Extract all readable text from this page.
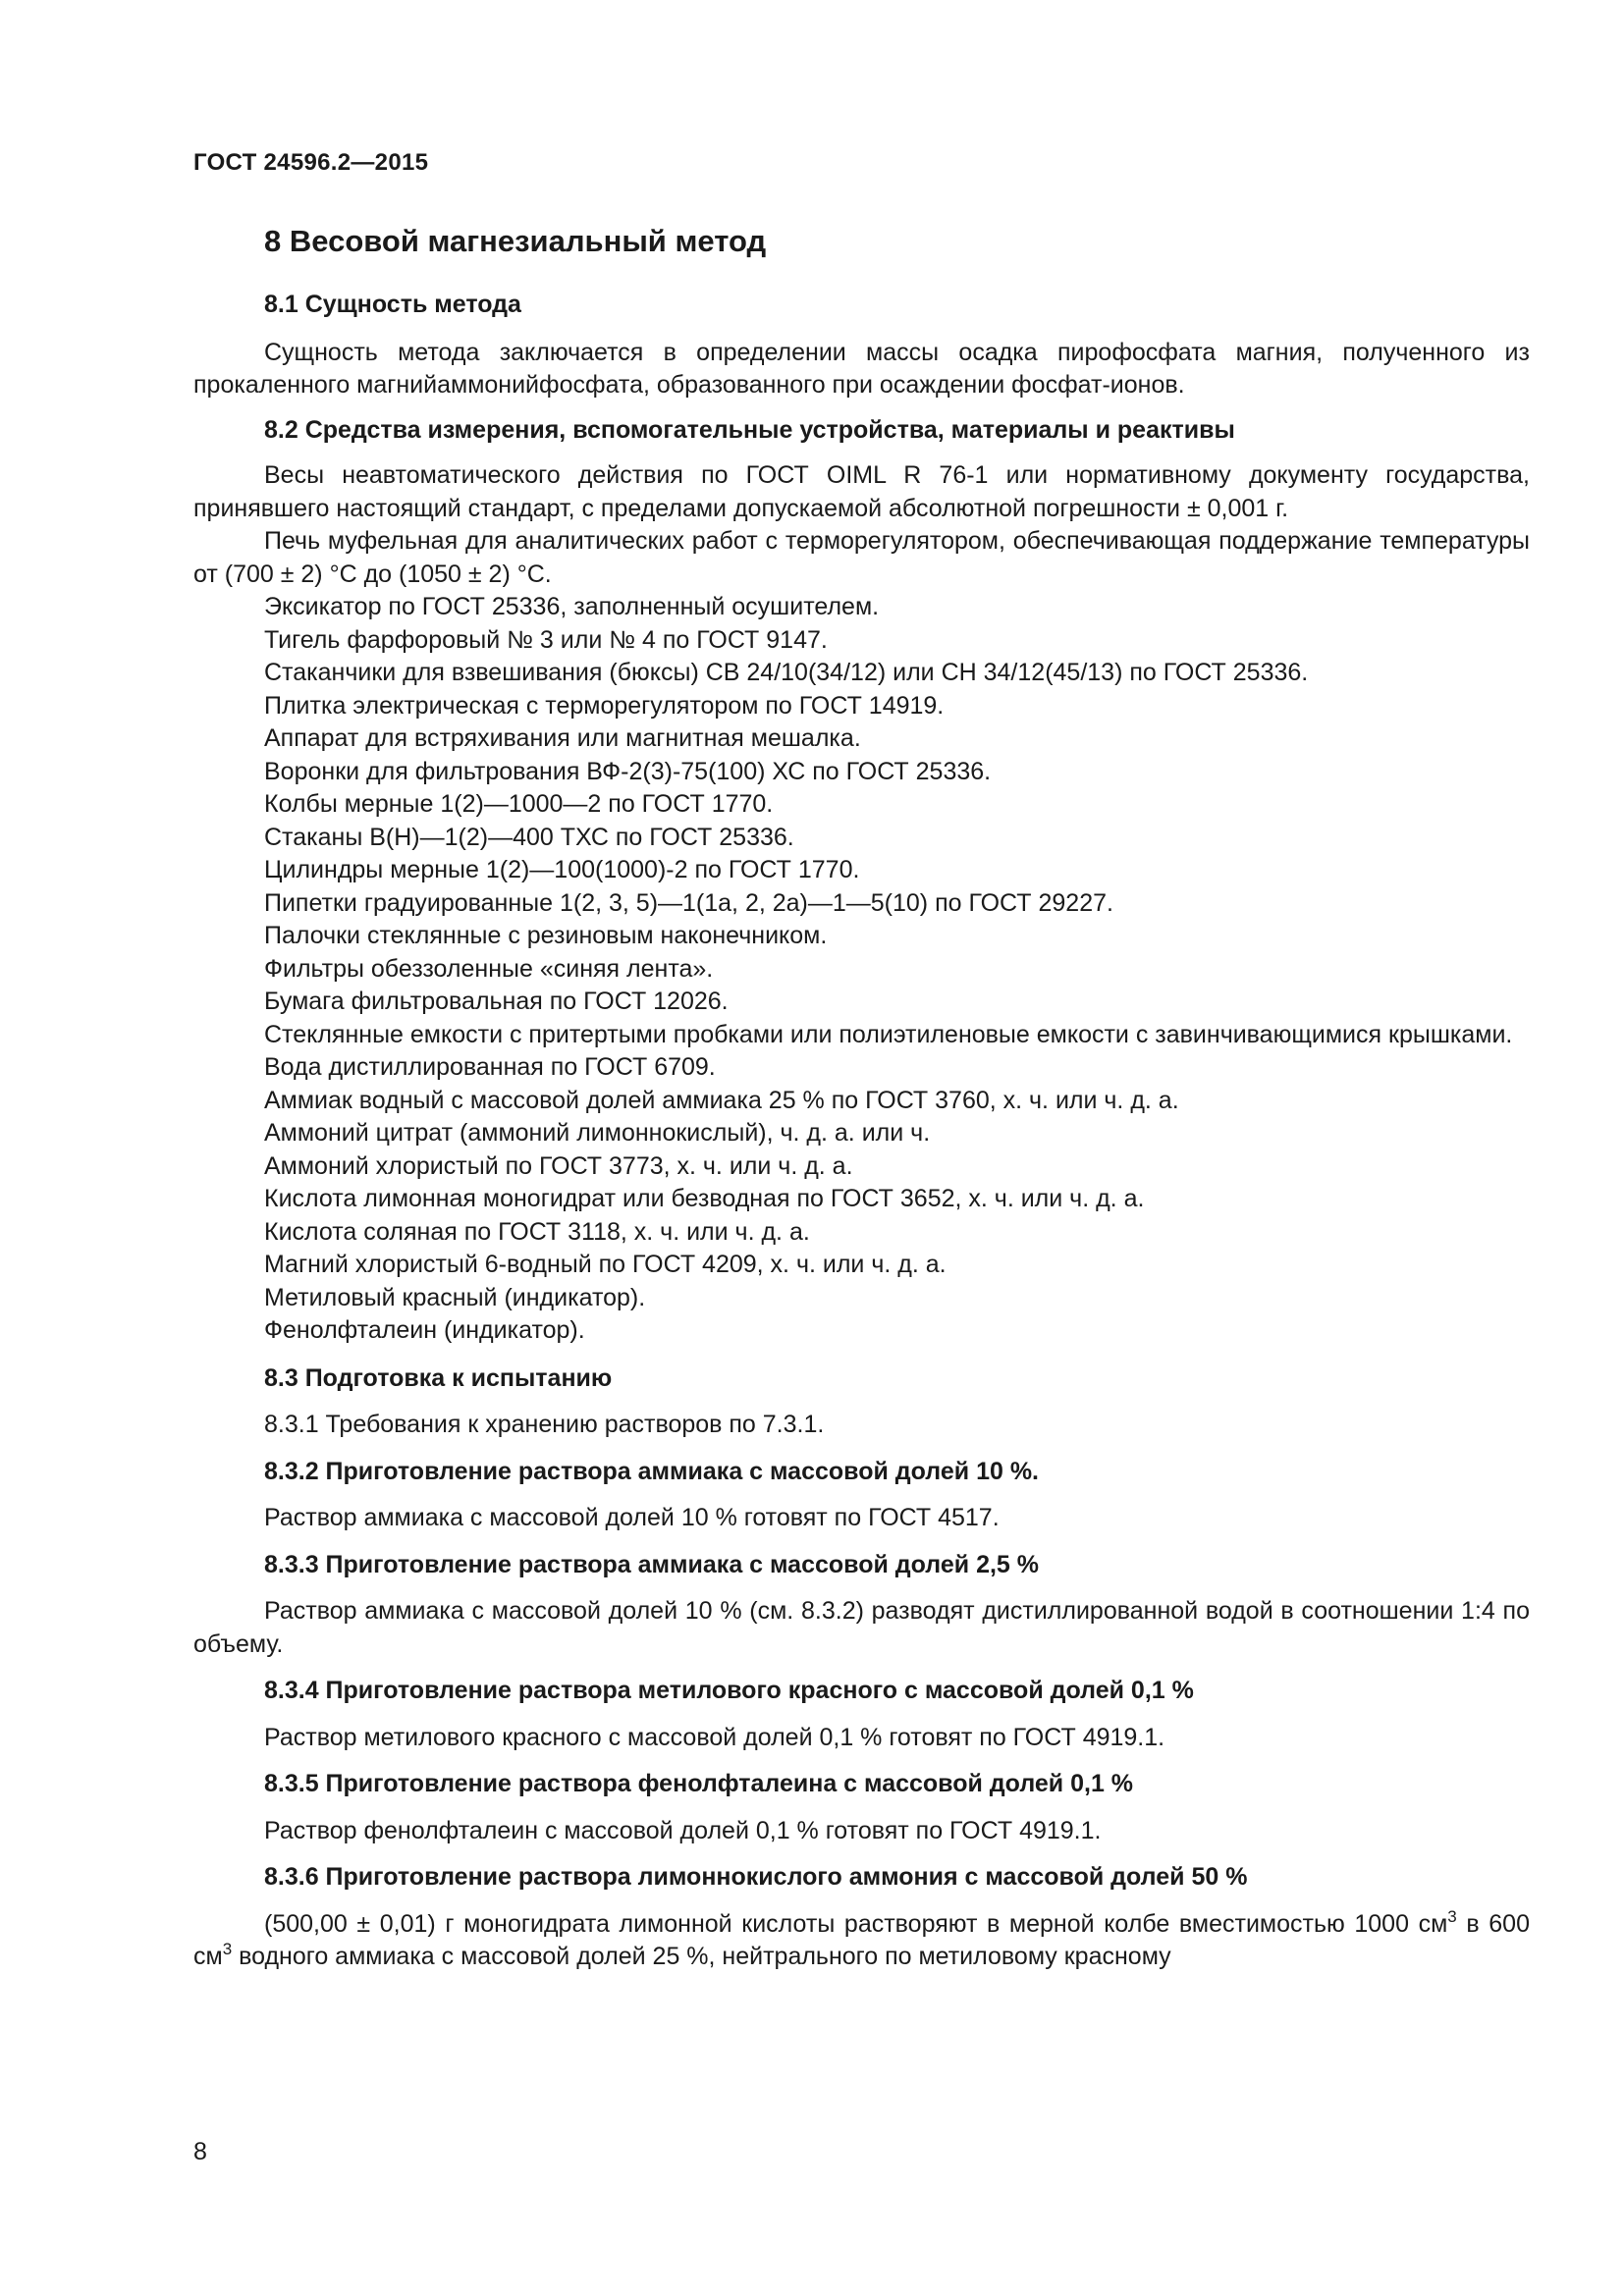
ГОСТ 24596.2—2015
8 Весовой магнезиальный метод
8.1 Сущность метода

Сущность метода заключается в определении массы осадка пирофосфата магния, полученного из прокаленного магнийаммонийфосфата, образованного при осаждении фосфат-ионов.

8.2 Средства измерения, вспомогательные устройства, материалы и реактивы

Весы неавтоматического действия по ГОСТ OIML R 76-1 или нормативному документу государства, принявшего настоящий стандарт, с пределами допускаемой абсолютной погрешности ± 0,001 г.

Печь муфельная для аналитических работ с терморегулятором, обеспечивающая поддержание температуры от (700 ± 2) °С до (1050 ± 2) °С.

Эксикатор по ГОСТ 25336, заполненный осушителем.
Тигель фарфоровый № 3 или № 4 по ГОСТ 9147.
Стаканчики для взвешивания (бюксы) СВ 24/10(34/12) или СН 34/12(45/13) по ГОСТ 25336.
Плитка электрическая с терморегулятором по ГОСТ 14919.
Аппарат для встряхивания или магнитная мешалка.
Воронки для фильтрования ВФ-2(3)-75(100) ХС по ГОСТ 25336.
Колбы мерные 1(2)—1000—2 по ГОСТ 1770.
Стаканы В(Н)—1(2)—400 ТХС по ГОСТ 25336.
Цилиндры мерные 1(2)—100(1000)-2 по ГОСТ 1770.
Пипетки градуированные 1(2, 3, 5)—1(1а, 2, 2а)—1—5(10) по ГОСТ 29227.
Палочки стеклянные с резиновым наконечником.
Фильтры обеззоленные «синяя лента».
Бумага фильтровальная по ГОСТ 12026.

Стеклянные емкости с притертыми пробками или полиэтиленовые емкости с завинчивающимися крышками.

Вода дистиллированная по ГОСТ 6709.
Аммиак водный с массовой долей аммиака 25 % по ГОСТ 3760, х. ч. или ч. д. а.
Аммоний цитрат (аммоний лимоннокислый), ч. д. а. или ч.
Аммоний хлористый по ГОСТ 3773, х. ч. или ч. д. а.
Кислота лимонная моногидрат или безводная по ГОСТ 3652, х. ч. или ч. д. а.
Кислота соляная по ГОСТ 3118, х. ч. или ч. д. а.
Магний хлористый 6-водный по ГОСТ 4209, х. ч. или ч. д. а.
Метиловый красный (индикатор).
Фенолфталеин (индикатор).
8.3 Подготовка к испытанию
8.3.1 Требования к хранению растворов по 7.3.1.
8.3.2 Приготовление раствора аммиака с массовой долей 10 %.
Раствор аммиака с массовой долей 10 % готовят по ГОСТ 4517.
8.3.3 Приготовление раствора аммиака с массовой долей 2,5 %

Раствор аммиака с массовой долей 10 % (см. 8.3.2) разводят дистиллированной водой в соотношении 1:4 по объему.

8.3.4 Приготовление раствора метилового красного с массовой долей 0,1 %
Раствор метилового красного с массовой долей 0,1 % готовят по ГОСТ 4919.1.
8.3.5 Приготовление раствора фенолфталеина с массовой долей 0,1 %
Раствор фенолфталеин с массовой долей 0,1 % готовят по ГОСТ 4919.1.
8.3.6 Приготовление раствора лимоннокислого аммония с массовой долей 50 %

(500,00 ± 0,01) г моногидрата лимонной кислоты растворяют в мерной колбе вместимостью 1000 $см^3$ в 600 $см^3$ водного аммиака с массовой долей 25 %, нейтрального по метиловому красному

8
